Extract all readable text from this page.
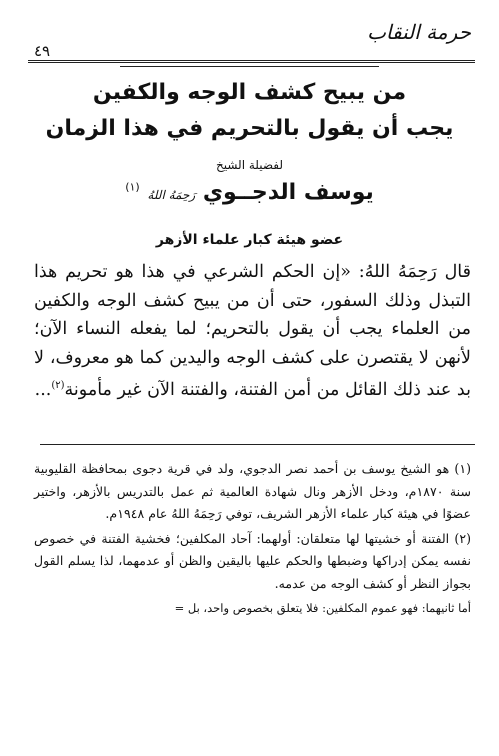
حرمة النقاب
٤٩
من يبيح كشف الوجه والكفين
يجب أن يقول بالتحريم في هذا الزمان
لفضيلة الشيخ
يوسف الدجــوي رَحِمَهُ اللهُ $^{(١)}$
عضو هيئة كبار علماء الأزهر
قال رَحِمَهُ اللهُ: «إن الحكم الشرعي في هذا هو تحريم هذا التبذل وذلك السفور، حتى أن من يبيح كشف الوجه والكفين من العلماء يجب أن يقول بالتحريم؛ لما يفعله النساء الآن؛ لأنهن لا يقتصرن على كشف الوجه واليدين كما هو معروف، لا بد عند ذلك القائل من أمن الفتنة، والفتنة الآن غير مأمونة$^{(٢)}$...

(١) هو الشيخ يوسف بن أحمد نصر الدجوي، ولد في قرية دجوى بمحافظة القليوبية سنة ١٨٧٠م، ودخل الأزهر ونال شهادة العالمية ثم عمل بالتدريس بالأزهر، واختير عضوًا في هيئة كبار علماء الأزهر الشريف، توفي رَحِمَهُ اللهُ عام ١٩٤٨م.

(٢) الفتنة أو خشيتها لها متعلقان: أولهما: آحاد المكلفين؛ فخشية الفتنة في خصوص نفسه يمكن إدراكها وضبطها والحكم عليها باليقين والظن أو عدمهما، لذا يسلم القول بجواز النظر أو كشف الوجه من عدمه.

أما ثانيهما: فهو عموم المكلفين: فلا يتعلق بخصوص واحد، بل =
